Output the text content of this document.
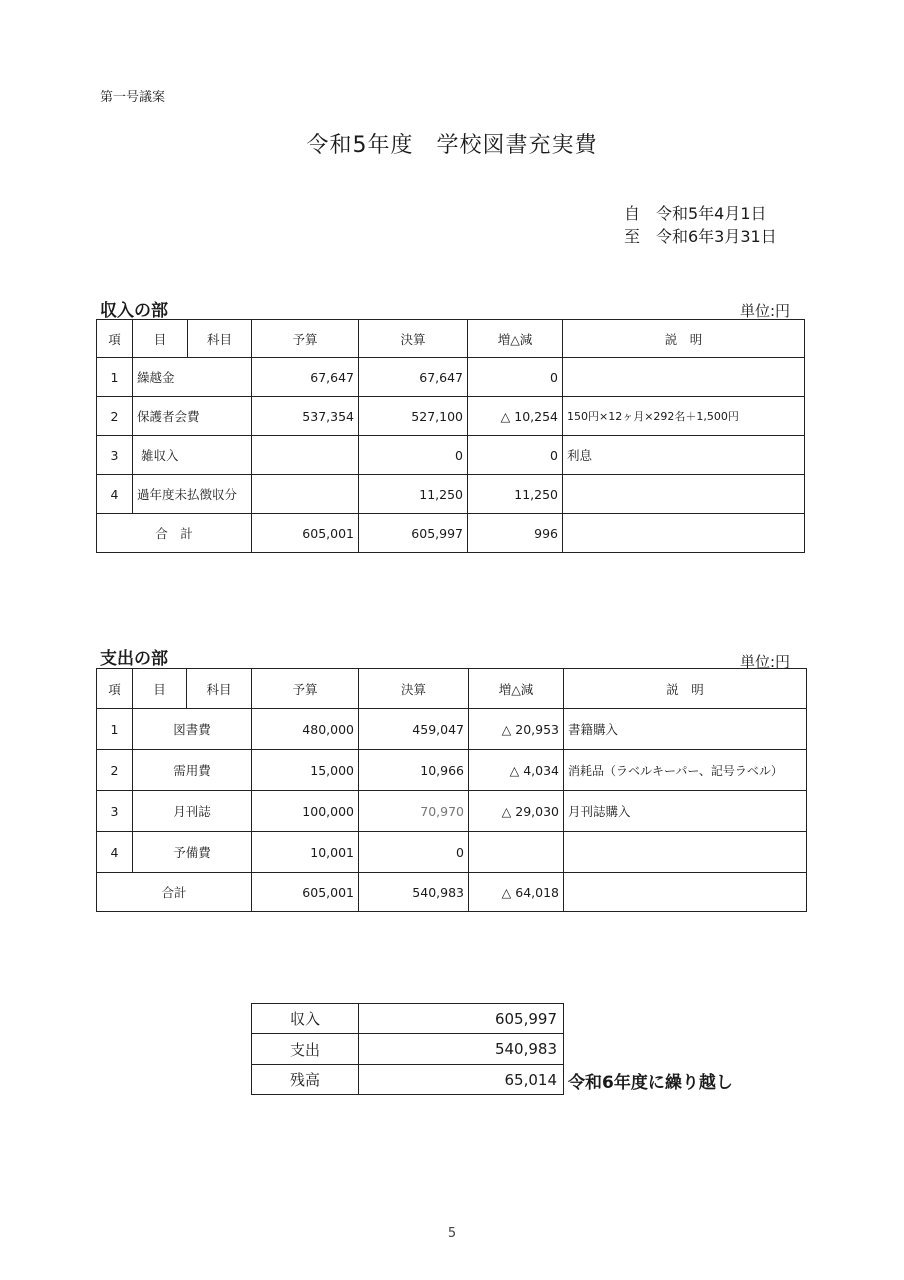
第一号議案
令和5年度　学校図書充実費
自　令和5年4月1日
至　令和6年3月31日
収入の部	単位:円
項	目	科目	予算	決算	増△減	説　明
1	繰越金		67,647	67,647	0	
2	保護者会費		537,354	527,100	△ 10,254	150円×12ヶ月×292名＋1,500円
3	雑収入			0	0	利息
4	過年度未払徴収分			11,250	11,250	
合　計			605,001	605,997	996	
支出の部	単位:円
項	目	科目	予算	決算	増△減	説　明
1	図書費		480,000	459,047	△ 20,953	書籍購入
2	需用費		15,000	10,966	△ 4,034	消耗品（ラベルキーパー、記号ラベル）
3	月刊誌		100,000	70,970	△ 29,030	月刊誌購入
4	予備費		10,001	0		
合計			605,001	540,983	△ 64,018	
収入	605,997
支出	540,983
残高	65,014 令和6年度に繰り越し
5
